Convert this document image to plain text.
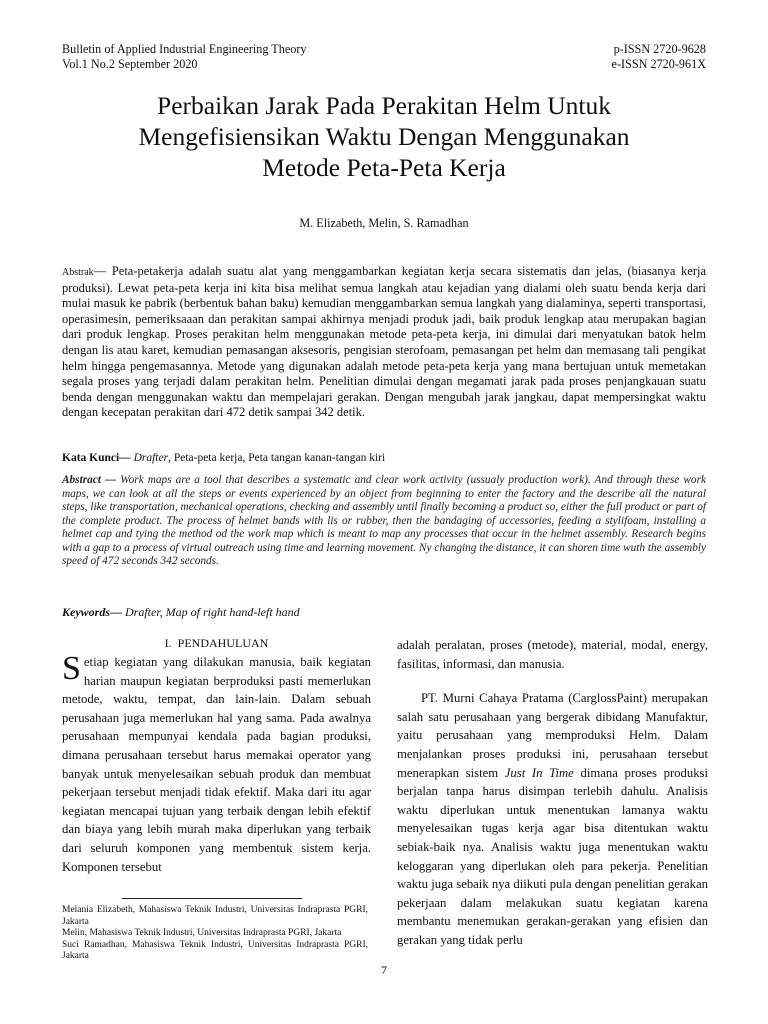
Bulletin of Applied Industrial Engineering Theory
Vol.1 No.2 September 2020
p-ISSN 2720-9628
e-ISSN 2720-961X
Perbaikan Jarak Pada Perakitan Helm Untuk
Mengefisiensikan Waktu Dengan Menggunakan
Metode Peta-Peta Kerja
M. Elizabeth, Melin, S. Ramadhan

Abstrak— Peta-petakerja adalah suatu alat yang menggambarkan kegiatan kerja secara sistematis dan jelas, (biasanya kerja produksi). Lewat peta-peta kerja ini kita bisa melihat semua langkah atau kejadian yang dialami oleh suatu benda kerja dari mulai masuk ke pabrik (berbentuk bahan baku) kemudian menggambarkan semua langkah yang dialaminya, seperti transportasi, operasimesin, pemeriksaaan dan perakitan sampai akhirnya menjadi produk jadi, baik produk lengkap atau merupakan bagian dari produk lengkap. Proses perakitan helm menggunakan metode peta-peta kerja, ini dimulai dari menyatukan batok helm dengan lis atau karet, kemudian pemasangan aksesoris, pengisian sterofoam, pemasangan pet helm dan memasang tali pengikat helm hingga pengemasannya. Metode yang digunakan adalah metode peta-peta kerja yang mana bertujuan untuk memetakan segala proses yang terjadi dalam perakitan helm. Penelitian dimulai dengan megamati jarak pada proses penjangkauan suatu benda dengan menggunakan waktu dan mempelajari gerakan. Dengan mengubah jarak jangkau, dapat mempersingkat waktu dengan kecepatan perakitan dari 472 detik sampai 342 detik.

Kata Kunci— Drafter, Peta-peta kerja, Peta tangan kanan-tangan kiri

Abstract — Work maps are a tool that describes a systematic and clear work activity (ussualy production work). And through these work maps, we can look at all the steps or events experienced by an object from beginning to enter the factory and the describe all the natural steps, like transportation, mechanical operations, checking and assembly until finally becoming a product so, either the full product or part of the complete product. The process of helmet bands with lis or rubber, then the bandaging of accessories, feeding a stylifoam, installing a helmet cap and tying the method od the work map which is meant to map any processes that occur in the helmet assembly. Research begins with a gap to a process of virtual outreach using time and learning movement. Ny changing the distance, it can shoren time wuth the assembly speed of 472 seconds 342 seconds.

Keywords— Drafter, Map of right hand-left hand

I.  PENDAHULUAN

Setiap kegiatan yang dilakukan manusia, baik kegiatan harian maupun kegiatan berproduksi pasti memerlukan metode, waktu, tempat, dan lain-lain. Dalam sebuah perusahaan juga memerlukan hal yang sama. Pada awalnya perusahaan mempunyai kendala pada bagian produksi, dimana perusahaan tersebut harus memakai operator yang banyak untuk menyelesaikan sebuah produk dan membuat pekerjaan tersebut menjadi tidak efektif. Maka dari itu agar kegiatan mencapai tujuan yang terbaik dengan lebih efektif dan biaya yang lebih murah maka diperlukan yang terbaik dari seluruh komponen yang membentuk sistem kerja. Komponen tersebut

adalah peralatan, proses (metode), material, modal, energy, fasilitas, informasi, dan manusia.

PT. Murni Cahaya Pratama (CarglossPaint) merupakan salah satu perusahaan yang bergerak dibidang Manufaktur, yaitu perusahaan yang memproduksi Helm. Dalam menjalankan proses produksi ini, perusahaan tersebut menerapkan sistem Just In Time dimana proses produksi berjalan tanpa harus disimpan terlebih dahulu. Analisis waktu diperlukan untuk menentukan lamanya waktu menyelesaikan tugas kerja agar bisa ditentukan waktu sebiak-baik nya. Analisis waktu juga menentukan waktu keloggaran yang diperlukan oleh para pekerja. Penelitian waktu juga sebaik nya diikuti pula dengan penelitian gerakan pekerjaan dalam melakukan suatu kegiatan karena membantu menemukan gerakan-gerakan yang efisien dan gerakan yang tidak perlu

Melania Elizabeth, Mahasiswa Teknik Industri, Universitas Indraprasta PGRI, Jakarta

Melin, Mahasiswa Teknik Industri, Universitas Indraprasta PGRI, Jakarta

Suci Ramadhan, Mahasiswa Teknik Industri, Universitas Indraprasta PGRI, Jakarta

7
